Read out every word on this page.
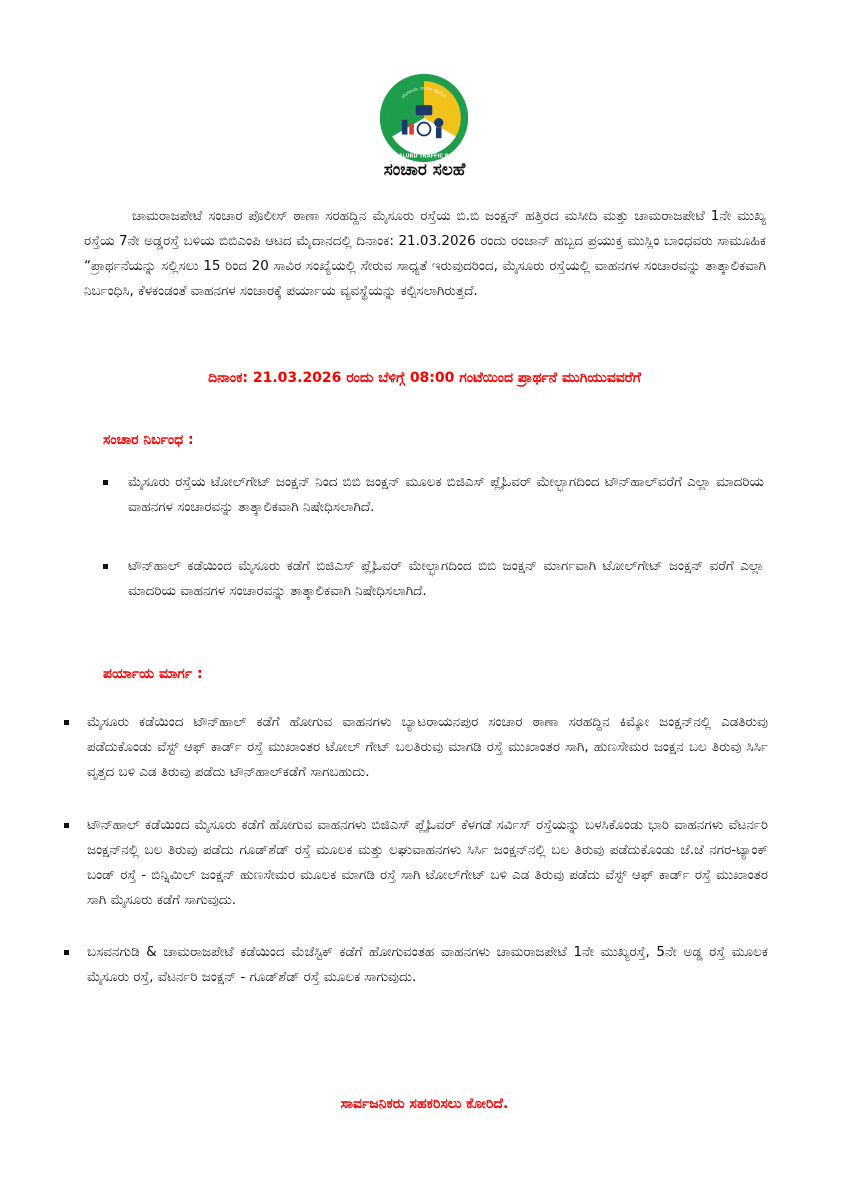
ಬೆಂಗಳೂರು ಸಂಚಾರ ಪೊಲೀಸ್
BENGALURU TRAFFIC POLICE
ಸಂಚಾರ ಸಲಹೆ
ಚಾಮರಾಜಪೇಟೆ ಸಂಚಾರ ಪೊಲೀಸ್ ಠಾಣಾ ಸರಹದ್ದಿನ ಮೈಸೂರು ರಸ್ತೆಯ ಬಿ.ಬಿ ಜಂಕ್ಷನ್ ಹತ್ತಿರದ ಮಸೀದಿ ಮತ್ತು ಚಾಮರಾಜಪೇಟೆ 1ನೇ ಮುಖ್ಯ ರಸ್ತೆಯ 7ನೇ ಅಡ್ಡರಸ್ತೆ ಬಳಿಯ ಬಿಬಿಎಂಪಿ ಆಟದ ಮೈದಾನದಲ್ಲಿ ದಿನಾಂಕ: 21.03.2026 ರಂದು ರಂಜಾನ್ ಹಬ್ಬದ ಪ್ರಯುಕ್ತ ಮುಸ್ಲಿಂ ಬಾಂಧವರು ಸಾಮೂಹಿಕ “ಪ್ರಾರ್ಥನೆಯನ್ನು ಸಲ್ಲಿಸಲು 15 ರಿಂದ 20 ಸಾವಿರ ಸಂಖ್ಯೆಯಲ್ಲಿ ಸೇರುವ ಸಾಧ್ಯತೆ ಇರುವುದರಿಂದ, ಮೈಸೂರು ರಸ್ತೆಯಲ್ಲಿ ವಾಹನಗಳ ಸಂಚಾರವನ್ನು ತಾತ್ಕಾಲಿಕವಾಗಿ ನಿರ್ಬಂಧಿಸಿ, ಕೆಳಕಂಡಂತೆ ವಾಹನಗಳ ಸಂಚಾರಕ್ಕೆ ಪರ್ಯಾಯ ವ್ಯವಸ್ಥೆಯನ್ನು ಕಲ್ಪಿಸಲಾಗಿರುತ್ತದೆ.
ದಿನಾಂಕ: 21.03.2026 ರಂದು ಬೆಳಿಗ್ಗೆ 08:00 ಗಂಟೆಯಿಂದ ಪ್ರಾರ್ಥನೆ ಮುಗಿಯುವವರೆಗೆ
ಸಂಚಾರ ನಿರ್ಬಂಧ :
ಮೈಸೂರು ರಸ್ತೆಯ ಟೋಲ್‌ಗೇಟ್ ಜಂಕ್ಷನ್ ನಿಂದ ಬಿಬಿ ಜಂಕ್ಷನ್ ಮೂಲಕ ಬಿಜಿಎಸ್ ಪ್ಲೈಓವರ್ ಮೇಲ್ಭಾಗದಿಂದ ಟೌನ್‌ಹಾಲ್‌ವರೆಗೆ ಎಲ್ಲಾ ಮಾದರಿಯ ವಾಹನಗಳ ಸಂಚಾರವನ್ನು ತಾತ್ಕಾಲಿಕವಾಗಿ ನಿಷೇಧಿಸಲಾಗಿದೆ.
ಟೌನ್‌ಹಾಲ್ ಕಡೆಯಿಂದ ಮೈಸೂರು ಕಡೆಗೆ ಬಿಜಿಎಸ್ ಪ್ಲೈಓವರ್ ಮೇಲ್ಭಾಗದಿಂದ ಬಿಬಿ ಜಂಕ್ಷನ್ ಮಾರ್ಗವಾಗಿ ಟೋಲ್‌ಗೇಟ್ ಜಂಕ್ಷನ್ ವರೆಗೆ ಎಲ್ಲಾ ಮಾದರಿಯ ವಾಹನಗಳ ಸಂಚಾರವನ್ನು ತಾತ್ಕಾಲಿಕವಾಗಿ ನಿಷೇಧಿಸಲಾಗಿದೆ.
ಪರ್ಯಾಯ ಮಾರ್ಗ :
ಮೈಸೂರು ಕಡೆಯಿಂದ ಟೌನ್‌ಹಾಲ್ ಕಡೆಗೆ ಹೋಗುವ ವಾಹನಗಳು ಬ್ಯಾಟರಾಯನಪುರ ಸಂಚಾರ ಠಾಣಾ ಸರಹದ್ದಿನ ಕಿಮ್ಕೋ ಜಂಕ್ಷನ್‌ನಲ್ಲಿ ಎಡತಿರುವು ಪಡೆದುಕೊಂಡು ವೆಸ್ಟ್ ಆಫ್ ಕಾರ್ಡ್ ರಸ್ತೆ ಮುಖಾಂತರ ಟೋಲ್ ಗೇಟ್ ಬಲತಿರುವು ಮಾಗಡಿ ರಸ್ತೆ ಮುಖಾಂತರ ಸಾಗಿ, ಹುಣಸೇಮರ ಜಂಕ್ಷನ ಬಲ ತಿರುವು ಸಿರ್ಸಿ ವೃತ್ತದ ಬಳಿ ಎಡ ತಿರುವು ಪಡೆದು ಟೌನ್‌ಹಾಲ್‌ಕಡೆಗೆ ಸಾಗಬಹುದು.
ಟೌನ್‌ಹಾಲ್ ಕಡೆಯಿಂದ ಮೈಸೂರು ಕಡೆಗೆ ಹೋಗುವ ವಾಹನಗಳು ಬಿಜಿಎಸ್ ಪ್ಲೈಓವರ್ ಕೆಳಗಡೆ ಸರ್ವಿಸ್ ರಸ್ತೆಯನ್ನು ಬಳಸಿಕೊಂಡು ಭಾರಿ ವಾಹನಗಳು ವೆಟರ್ನರಿ ಜಂಕ್ಷನ್‌ನಲ್ಲಿ ಬಲ ತಿರುವು ಪಡೆದು ಗೂಡ್‌ಶೆಡ್ ರಸ್ತೆ ಮೂಲಕ ಮತ್ತು ಲಘುವಾಹನಗಳು ಸಿರ್ಸಿ ಜಂಕ್ಷನ್‌ನಲ್ಲಿ ಬಲ ತಿರುವು ಪಡೆದುಕೊಂಡು ಜೆ.ಜೆ ನಗರ-ಟ್ಯಾಂಕ್ ಬಂಡ್ ರಸ್ತೆ - ಬಿನ್ನಿಮಿಲ್ ಜಂಕ್ಷನ್ ಹುಣಸೇಮರ ಮೂಲಕ ಮಾಗಡಿ ರಸ್ತೆ ಸಾಗಿ ಟೋಲ್‌ಗೇಟ್ ಬಳಿ ಎಡ ತಿರುವು ಪಡೆದು ವೆಸ್ಟ್ ಆಫ್ ಕಾರ್ಡ್ ರಸ್ತೆ ಮುಖಾಂತರ ಸಾಗಿ ಮೈಸೂರು ಕಡೆಗೆ ಸಾಗುವುದು.
ಬಸವನಗುಡಿ & ಚಾಮರಾಜಪೇಟೆ ಕಡೆಯಿಂದ ಮೆಜೆಸ್ಟಿಕ್ ಕಡೆಗೆ ಹೋಗುವಂತಹ ವಾಹನಗಳು ಚಾಮರಾಜಪೇಟೆ 1ನೇ ಮುಖ್ಯರಸ್ತೆ, 5ನೇ ಅಡ್ಡ ರಸ್ತೆ ಮೂಲಕ ಮೈಸೂರು ರಸ್ತೆ, ವೆಟರ್ನರಿ ಜಂಕ್ಷನ್ - ಗೂಡ್‌ಶೆಡ್ ರಸ್ತೆ ಮೂಲಕ ಸಾಗುವುದು.
ಸಾರ್ವಜನಿಕರು ಸಹಕರಿಸಲು ಕೋರಿದೆ.
